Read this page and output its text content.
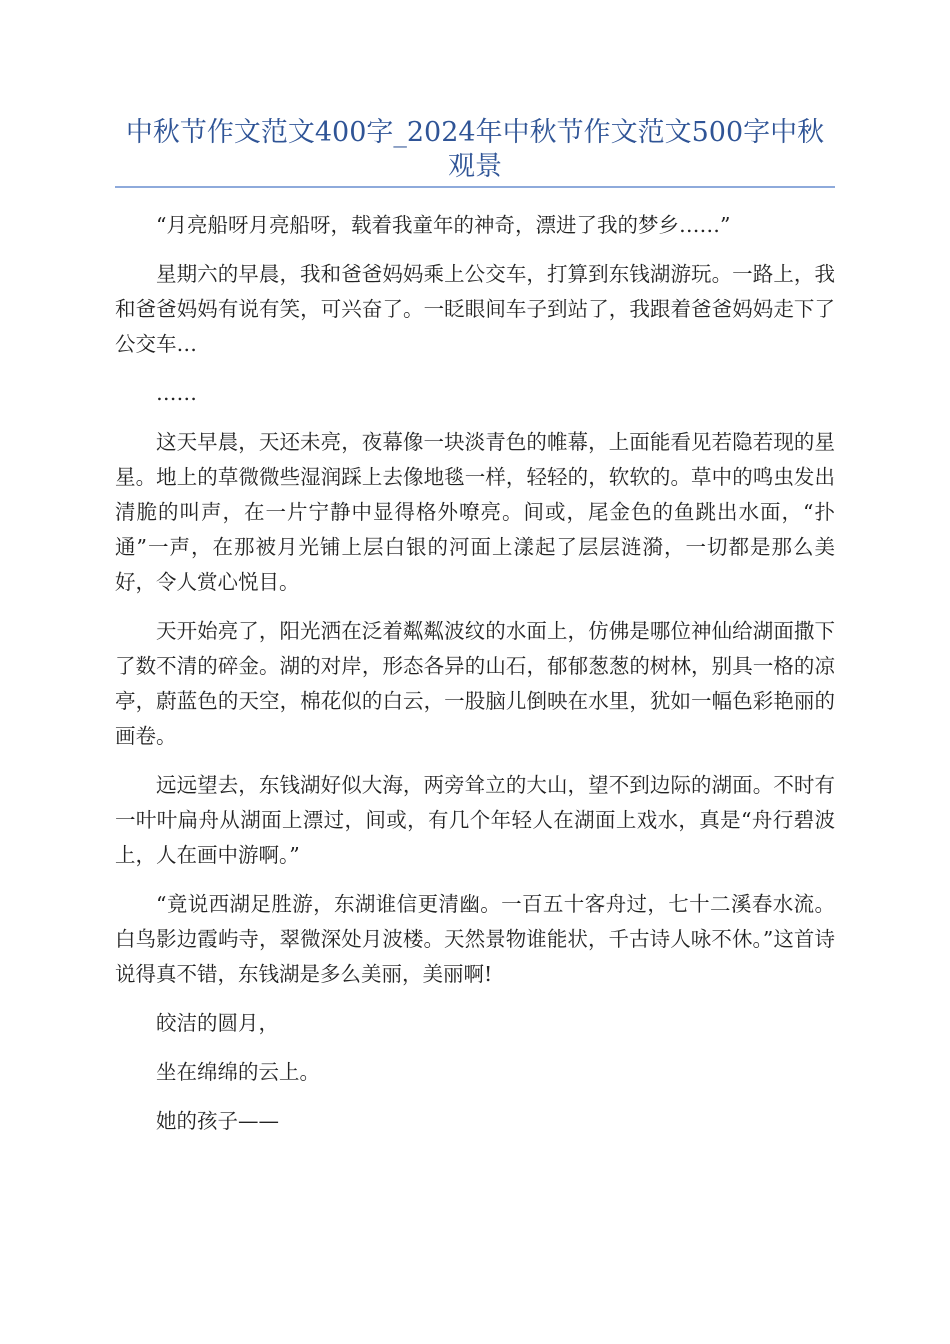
中秋节作文范文400字_2024年中秋节作文范文500字中秋观景

“月亮船呀月亮船呀，载着我童年的神奇，漂进了我的梦乡……”

星期六的早晨，我和爸爸妈妈乘上公交车，打算到东钱湖游玩。一路上，我和爸爸妈妈有说有笑，可兴奋了。一眨眼间车子到站了，我跟着爸爸妈妈走下了公交车…

……

这天早晨，天还未亮，夜幕像一块淡青色的帷幕，上面能看见若隐若现的星星。地上的草微微些湿润踩上去像地毯一样，轻轻的，软软的。草中的鸣虫发出清脆的叫声，在一片宁静中显得格外嘹亮。间或，尾金色的鱼跳出水面，“扑通”一声，在那被月光铺上层白银的河面上漾起了层层涟漪，一切都是那么美好，令人赏心悦目。

天开始亮了，阳光洒在泛着粼粼波纹的水面上，仿佛是哪位神仙给湖面撒下了数不清的碎金。湖的对岸，形态各异的山石，郁郁葱葱的树林，别具一格的凉亭，蔚蓝色的天空，棉花似的白云，一股脑儿倒映在水里，犹如一幅色彩艳丽的画卷。

远远望去，东钱湖好似大海，两旁耸立的大山，望不到边际的湖面。不时有一叶叶扁舟从湖面上漂过，间或，有几个年轻人在湖面上戏水，真是“舟行碧波上，人在画中游啊。”

“竟说西湖足胜游，东湖谁信更清幽。一百五十客舟过，七十二溪春水流。白鸟影边霞屿寺，翠微深处月波楼。天然景物谁能状，千古诗人咏不休。”这首诗说得真不错，东钱湖是多么美丽，美丽啊!

皎洁的圆月，

坐在绵绵的云上。

她的孩子——
